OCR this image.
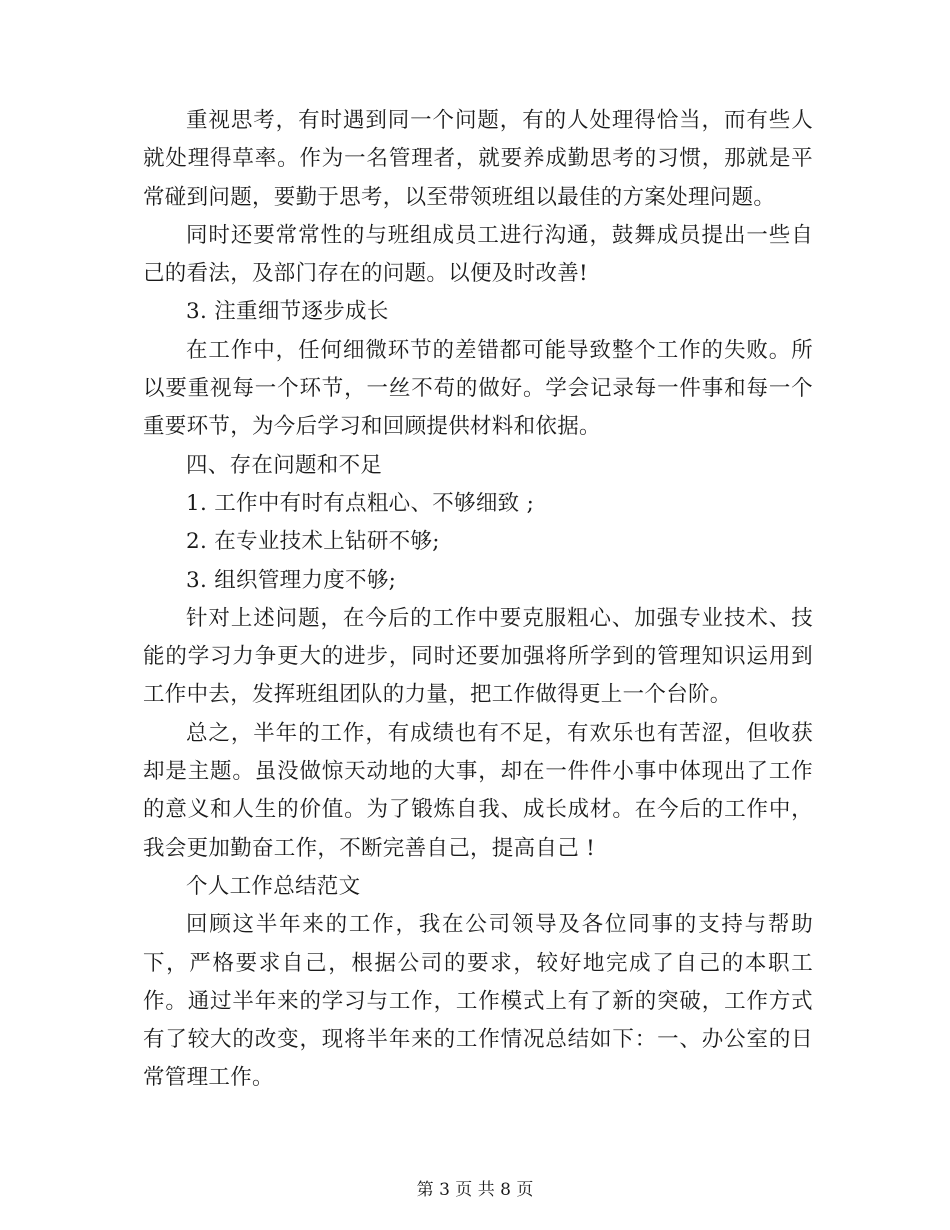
重视思考，有时遇到同一个问题，有的人处理得恰当，而有些人就处理得草率。作为一名管理者，就要养成勤思考的习惯，那就是平常碰到问题，要勤于思考，以至带领班组以最佳的方案处理问题。

同时还要常常性的与班组成员工进行沟通，鼓舞成员提出一些自己的看法，及部门存在的问题。以便及时改善!

3. 注重细节逐步成长

在工作中，任何细微环节的差错都可能导致整个工作的失败。所以要重视每一个环节，一丝不苟的做好。学会记录每一件事和每一个重要环节，为今后学习和回顾提供材料和依据。

四、存在问题和不足

1. 工作中有时有点粗心、不够细致 ;

2. 在专业技术上钻研不够;

3. 组织管理力度不够;

针对上述问题，在今后的工作中要克服粗心、加强专业技术、技能的学习力争更大的进步，同时还要加强将所学到的管理知识运用到工作中去，发挥班组团队的力量，把工作做得更上一个台阶。

总之，半年的工作，有成绩也有不足，有欢乐也有苦涩，但收获却是主题。虽没做惊天动地的大事，却在一件件小事中体现出了工作的意义和人生的价值。为了锻炼自我、成长成材。在今后的工作中，我会更加勤奋工作，不断完善自己，提高自己 !

个人工作总结范文

回顾这半年来的工作，我在公司领导及各位同事的支持与帮助下，严格要求自己，根据公司的要求，较好地完成了自己的本职工作。通过半年来的学习与工作，工作模式上有了新的突破，工作方式有了较大的改变，现将半年来的工作情况总结如下：一、办公室的日常管理工作。

第 3 页 共 8 页
